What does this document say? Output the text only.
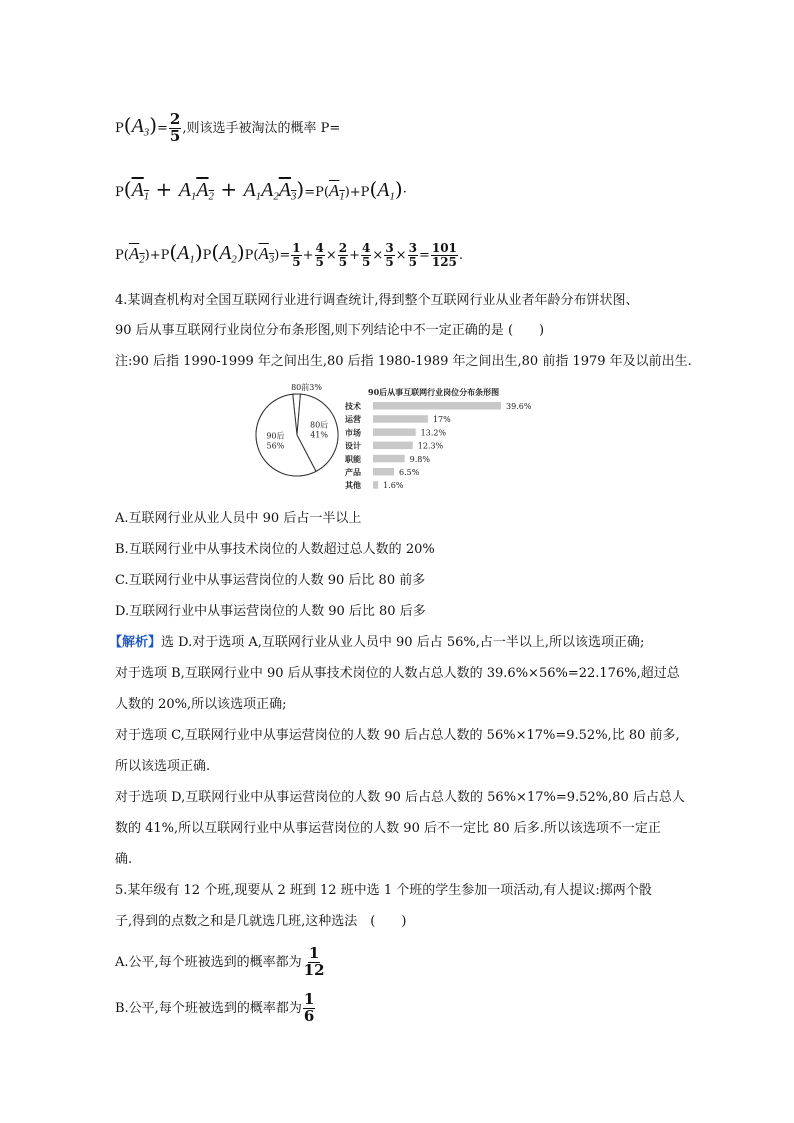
$P(A_3)= \frac{2}{5}$ ,则该选手被淘汰的概率 P=
$P(\overline{A}_1 + A_1\overline{A}_2 + A_1A_2\overline{A}_3)=P(\overline{A}_1)+P(A_1)\cdot$
$P(\overline{A}_2)+P(A_1)P(A_2)P(\overline{A}_3)= \frac{1}{5} + \frac{4}{5} \times \frac{2}{5} + \frac{4}{5} \times \frac{3}{5} \times \frac{3}{5} = \frac{101}{125}$ .
4.某调查机构对全国互联网行业进行调查统计,得到整个互联网行业从业者年龄分布饼状图、
90 后从事互联网行业岗位分布条形图,则下列结论中不一定正确的是 (　　)
注:90 后指 1990-1999 年之间出生,80 后指 1980-1989 年之间出生,80 前指 1979 年及以前出生.
90后
56%
80后
41%
80前3%	90后从事互联网行业岗位分布条形图
技术	39.6%
运营	17%
市场	13.2%
设计	12.3%
职能	9.8%
产品	6.5%
其他	1.6%
A.互联网行业从业人员中 90 后占一半以上
B.互联网行业中从事技术岗位的人数超过总人数的 20%
C.互联网行业中从事运营岗位的人数 90 后比 80 前多
D.互联网行业中从事运营岗位的人数 90 后比 80 后多
【解析】选 D.对于选项 A,互联网行业从业人员中 90 后占 56%,占一半以上,所以该选项正确;
对于选项 B,互联网行业中 90 后从事技术岗位的人数占总人数的 39.6%×56%=22.176%,超过总
人数的 20%,所以该选项正确;
对于选项 C,互联网行业中从事运营岗位的人数 90 后占总人数的 56%×17%=9.52%,比 80 前多,
所以该选项正确.
对于选项 D,互联网行业中从事运营岗位的人数 90 后占总人数的 56%×17%=9.52%,80 后占总人
数的 41%,所以互联网行业中从事运营岗位的人数 90 后不一定比 80 后多.所以该选项不一定正
确.
5.某年级有 12 个班,现要从 2 班到 12 班中选 1 个班的学生参加一项活动,有人提议:掷两个骰
子,得到的点数之和是几就选几班,这种选法　(　　)
A.公平,每个班被选到的概率都为 $\frac{1}{12}$
B.公平,每个班被选到的概率都为 $\frac{1}{6}$
